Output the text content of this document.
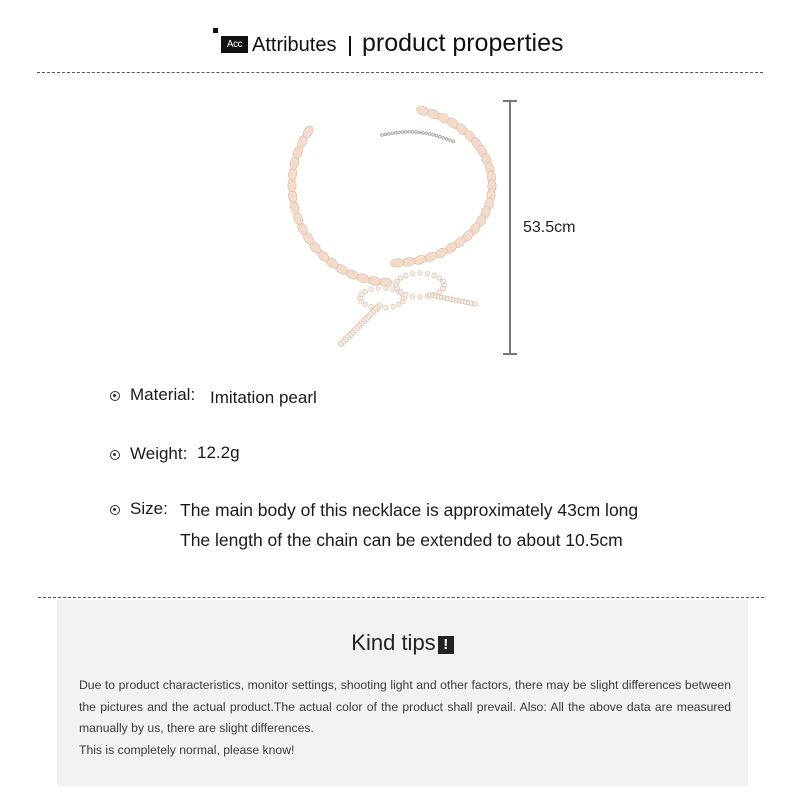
Acc Attributes product properties
53.5cm
Material: Imitation pearl
Weight: 12.2g
Size: The main body of this necklace is approximately 43cm long
The length of the chain can be extended to about 10.5cm
Kind tips !
Due to product characteristics, monitor settings, shooting light and other factors, there may be slight differences between the pictures and the actual product.The actual color of the product shall prevail. Also: All the above data are measured manually by us, there are slight differences.
This is completely normal, please know!
